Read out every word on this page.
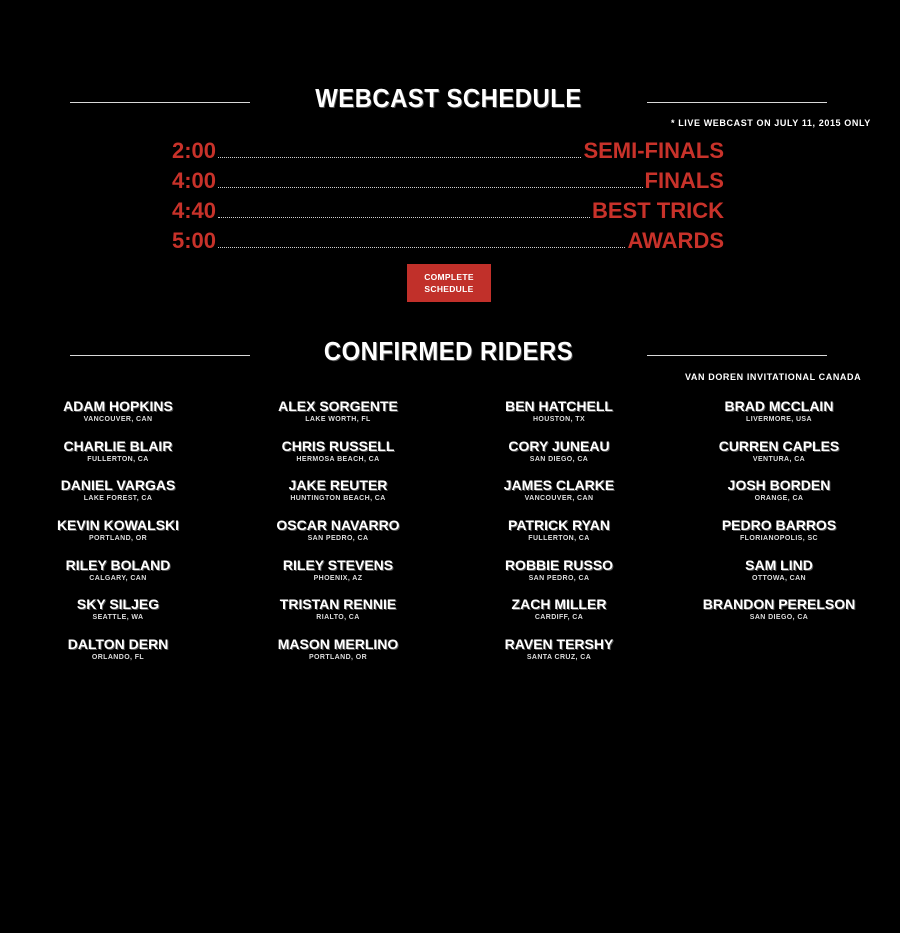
WEBCAST SCHEDULE
* LIVE WEBCAST ON JULY 11, 2015 ONLY
2:00	SEMI-FINALS
4:00	FINALS
4:40	BEST TRICK
5:00	AWARDS
COMPLETE
SCHEDULE
CONFIRMED RIDERS
VAN DOREN INVITATIONAL CANADA
ADAM HOPKINS
VANCOUVER, CAN
CHARLIE BLAIR
FULLERTON, CA
DANIEL VARGAS
LAKE FOREST, CA
KEVIN KOWALSKI
PORTLAND, OR
RILEY BOLAND
CALGARY, CAN
SKY SILJEG
SEATTLE, WA
DALTON DERN
ORLANDO, FL
ALEX SORGENTE
LAKE WORTH, FL
CHRIS RUSSELL
HERMOSA BEACH, CA
JAKE REUTER
HUNTINGTON BEACH, CA
OSCAR NAVARRO
SAN PEDRO, CA
RILEY STEVENS
PHOENIX, AZ
TRISTAN RENNIE
RIALTO, CA
MASON MERLINO
PORTLAND, OR
BEN HATCHELL
HOUSTON, TX
CORY JUNEAU
SAN DIEGO, CA
JAMES CLARKE
VANCOUVER, CAN
PATRICK RYAN
FULLERTON, CA
ROBBIE RUSSO
SAN PEDRO, CA
ZACH MILLER
CARDIFF, CA
RAVEN TERSHY
SANTA CRUZ, CA
BRAD MCCLAIN
LIVERMORE, USA
CURREN CAPLES
VENTURA, CA
JOSH BORDEN
ORANGE, CA
PEDRO BARROS
FLORIANOPOLIS, SC
SAM LIND
OTTOWA, CAN
BRANDON PERELSON
SAN DIEGO, CA
